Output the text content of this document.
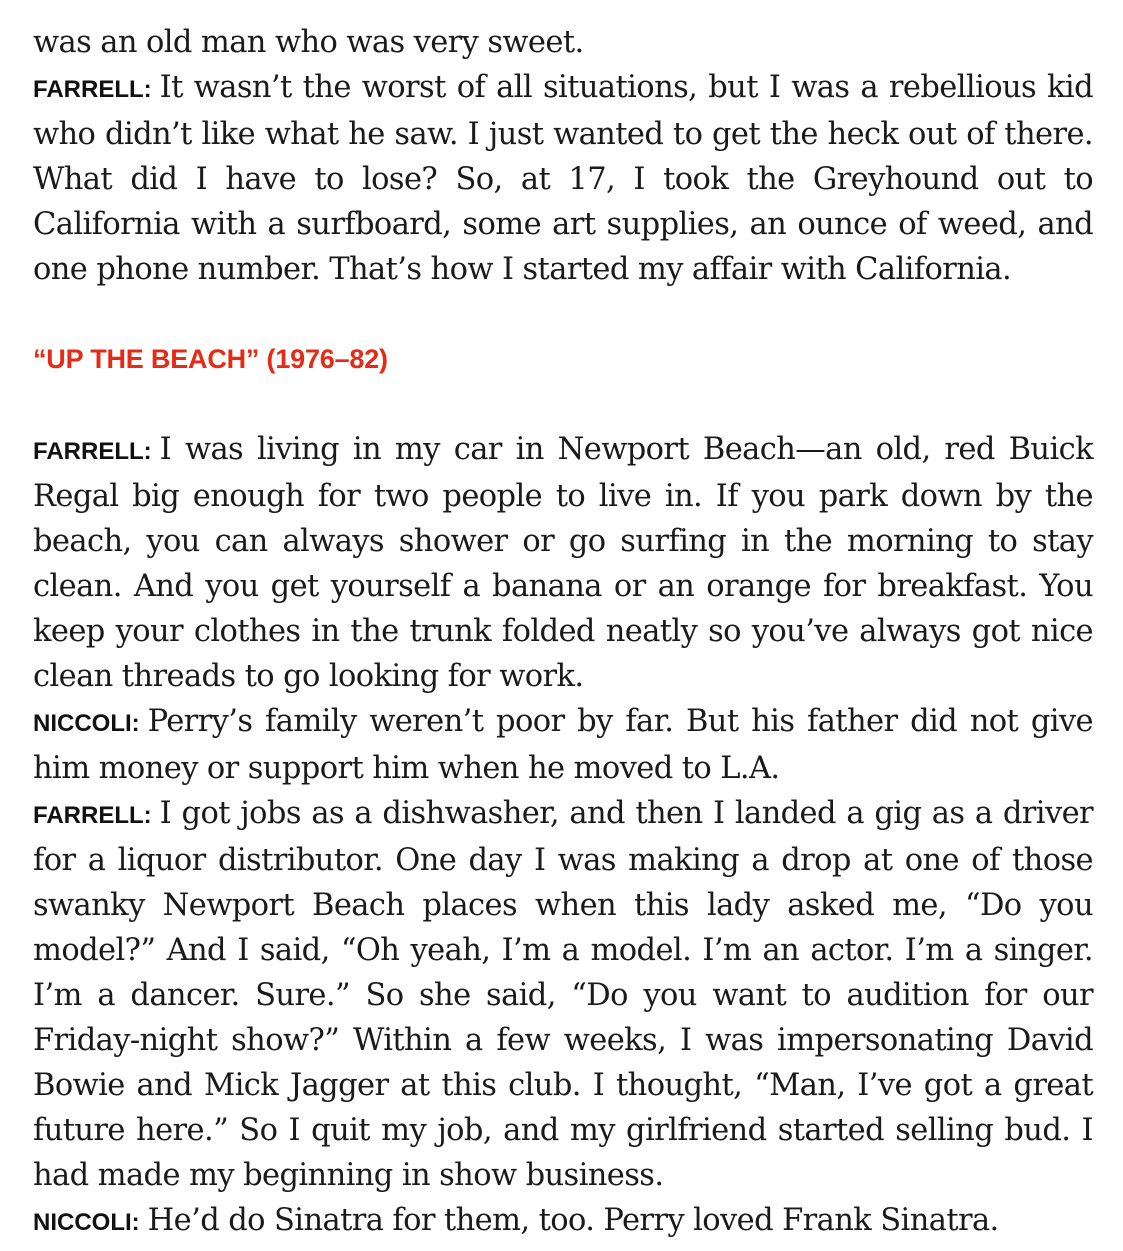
was an old man who was very sweet.

FARRELL: It wasn’t the worst of all situations, but I was a rebellious kid who didn’t like what he saw. I just wanted to get the heck out of there. What did I have to lose? So, at 17, I took the Greyhound out to California with a surfboard, some art supplies, an ounce of weed, and one phone number. That’s how I started my affair with California.

“UP THE BEACH” (1976–82)

FARRELL: I was living in my car in Newport Beach—an old, red Buick Regal big enough for two people to live in. If you park down by the beach, you can always shower or go surfing in the morning to stay clean. And you get yourself a banana or an orange for breakfast. You keep your clothes in the trunk folded neatly so you’ve always got nice clean threads to go looking for work.

NICCOLI: Perry’s family weren’t poor by far. But his father did not give him money or support him when he moved to L.A.

FARRELL: I got jobs as a dishwasher, and then I landed a gig as a driver for a liquor distributor. One day I was making a drop at one of those swanky Newport Beach places when this lady asked me, “Do you model?” And I said, “Oh yeah, I’m a model. I’m an actor. I’m a singer. I’m a dancer. Sure.” So she said, “Do you want to audition for our Friday-night show?” Within a few weeks, I was impersonating David Bowie and Mick Jagger at this club. I thought, “Man, I’ve got a great future here.” So I quit my job, and my girlfriend started selling bud. I had made my beginning in show business.

NICCOLI: He’d do Sinatra for them, too. Perry loved Frank Sinatra.
